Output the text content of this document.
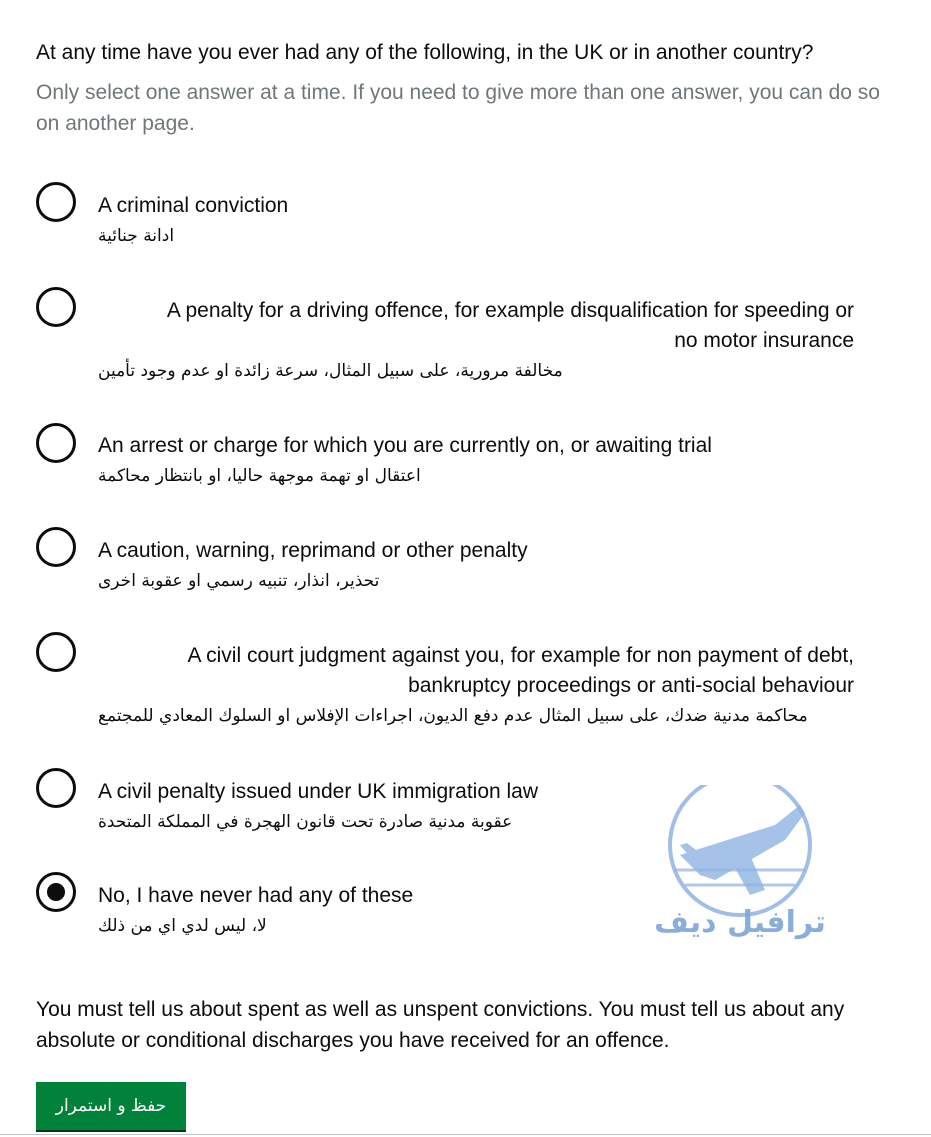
At any time have you ever had any of the following, in the UK or in another country?
Only select one answer at a time. If you need to give more than one answer, you can do so on another page.
A criminal conviction
ادانة جنائية
A penalty for a driving offence, for example disqualification for speeding or
no motor insurance
مخالفة مرورية، على سبيل المثال، سرعة زائدة او عدم وجود تأمين
An arrest or charge for which you are currently on, or awaiting trial
اعتقال او تهمة موجهة حاليا، او بانتظار محاكمة
A caution, warning, reprimand or other penalty
تحذير، انذار، تنبيه رسمي او عقوبة اخرى
A civil court judgment against you, for example for non payment of debt,
bankruptcy proceedings or anti-social behaviour
محاكمة مدنية ضدك، على سبيل المثال عدم دفع الديون، اجراءات الإفلاس او السلوك المعادي للمجتمع
A civil penalty issued under UK immigration law
عقوبة مدنية صادرة تحت قانون الهجرة في المملكة المتحدة
No, I have never had any of these
لا، ليس لدي اي من ذلك	ترافيل ديف
You must tell us about spent as well as unspent convictions. You must tell us about any absolute or conditional discharges you have received for an offence.
حفظ و استمرار
